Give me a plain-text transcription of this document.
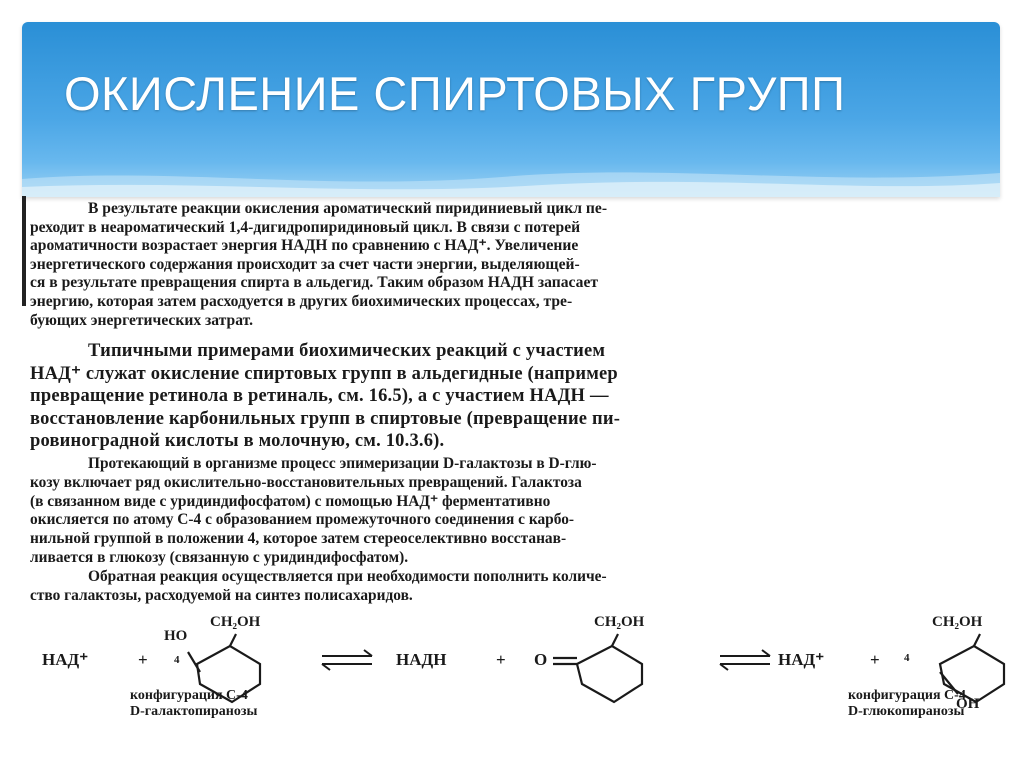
ОКИСЛЕНИЕ СПИРТОВЫХ ГРУПП

В результате реакции окисления ароматический пиридиниевый цикл пе-

реходит в неароматический 1,4-дигидропиридиновый цикл. В связи с потерей

ароматичности возрастает энергия НАДН по сравнению с НАД⁺. Увеличение

энергетического содержания происходит за счет части энергии, выделяющей-

ся в результате превращения спирта в альдегид. Таким образом НАДН запасает

энергию, которая затем расходуется в других биохимических процессах, тре-

бующих энергетических затрат.

Типичными примерами биохимических реакций с участием

НАД⁺ служат окисление спиртовых групп в альдегидные (например

превращение ретинола в ретиналь, см. 16.5), а с участием НАДН —

восстановление карбонильных групп в спиртовые (превращение пи-

ровиноградной кислоты в молочную, см. 10.3.6).

Протекающий в организме процесс эпимеризации D-галактозы в D-глю-

козу включает ряд окислительно-восстановительных превращений. Галактоза

(в связанном виде с уридиндифосфатом) с помощью НАД⁺ ферментативно

окисляется по атому С-4 с образованием промежуточного соединения с карбо-

нильной группой в положении 4, которое затем стереоселективно восстанав-

ливается в глюкозу (связанную с уридиндифосфатом).

Обратная реакция осуществляется при необходимости пополнить количе-

ство галактозы, расходуемой на синтез полисахаридов.

НАД⁺	+
HO
CH₂OH
4	НАДН	+ O
CH₂OH
НАД⁺	+
CH₂OH
4
OH
конфигурация С-4
D-галактопиранозы
конфигурация С-4
D-глюкопиранозы
